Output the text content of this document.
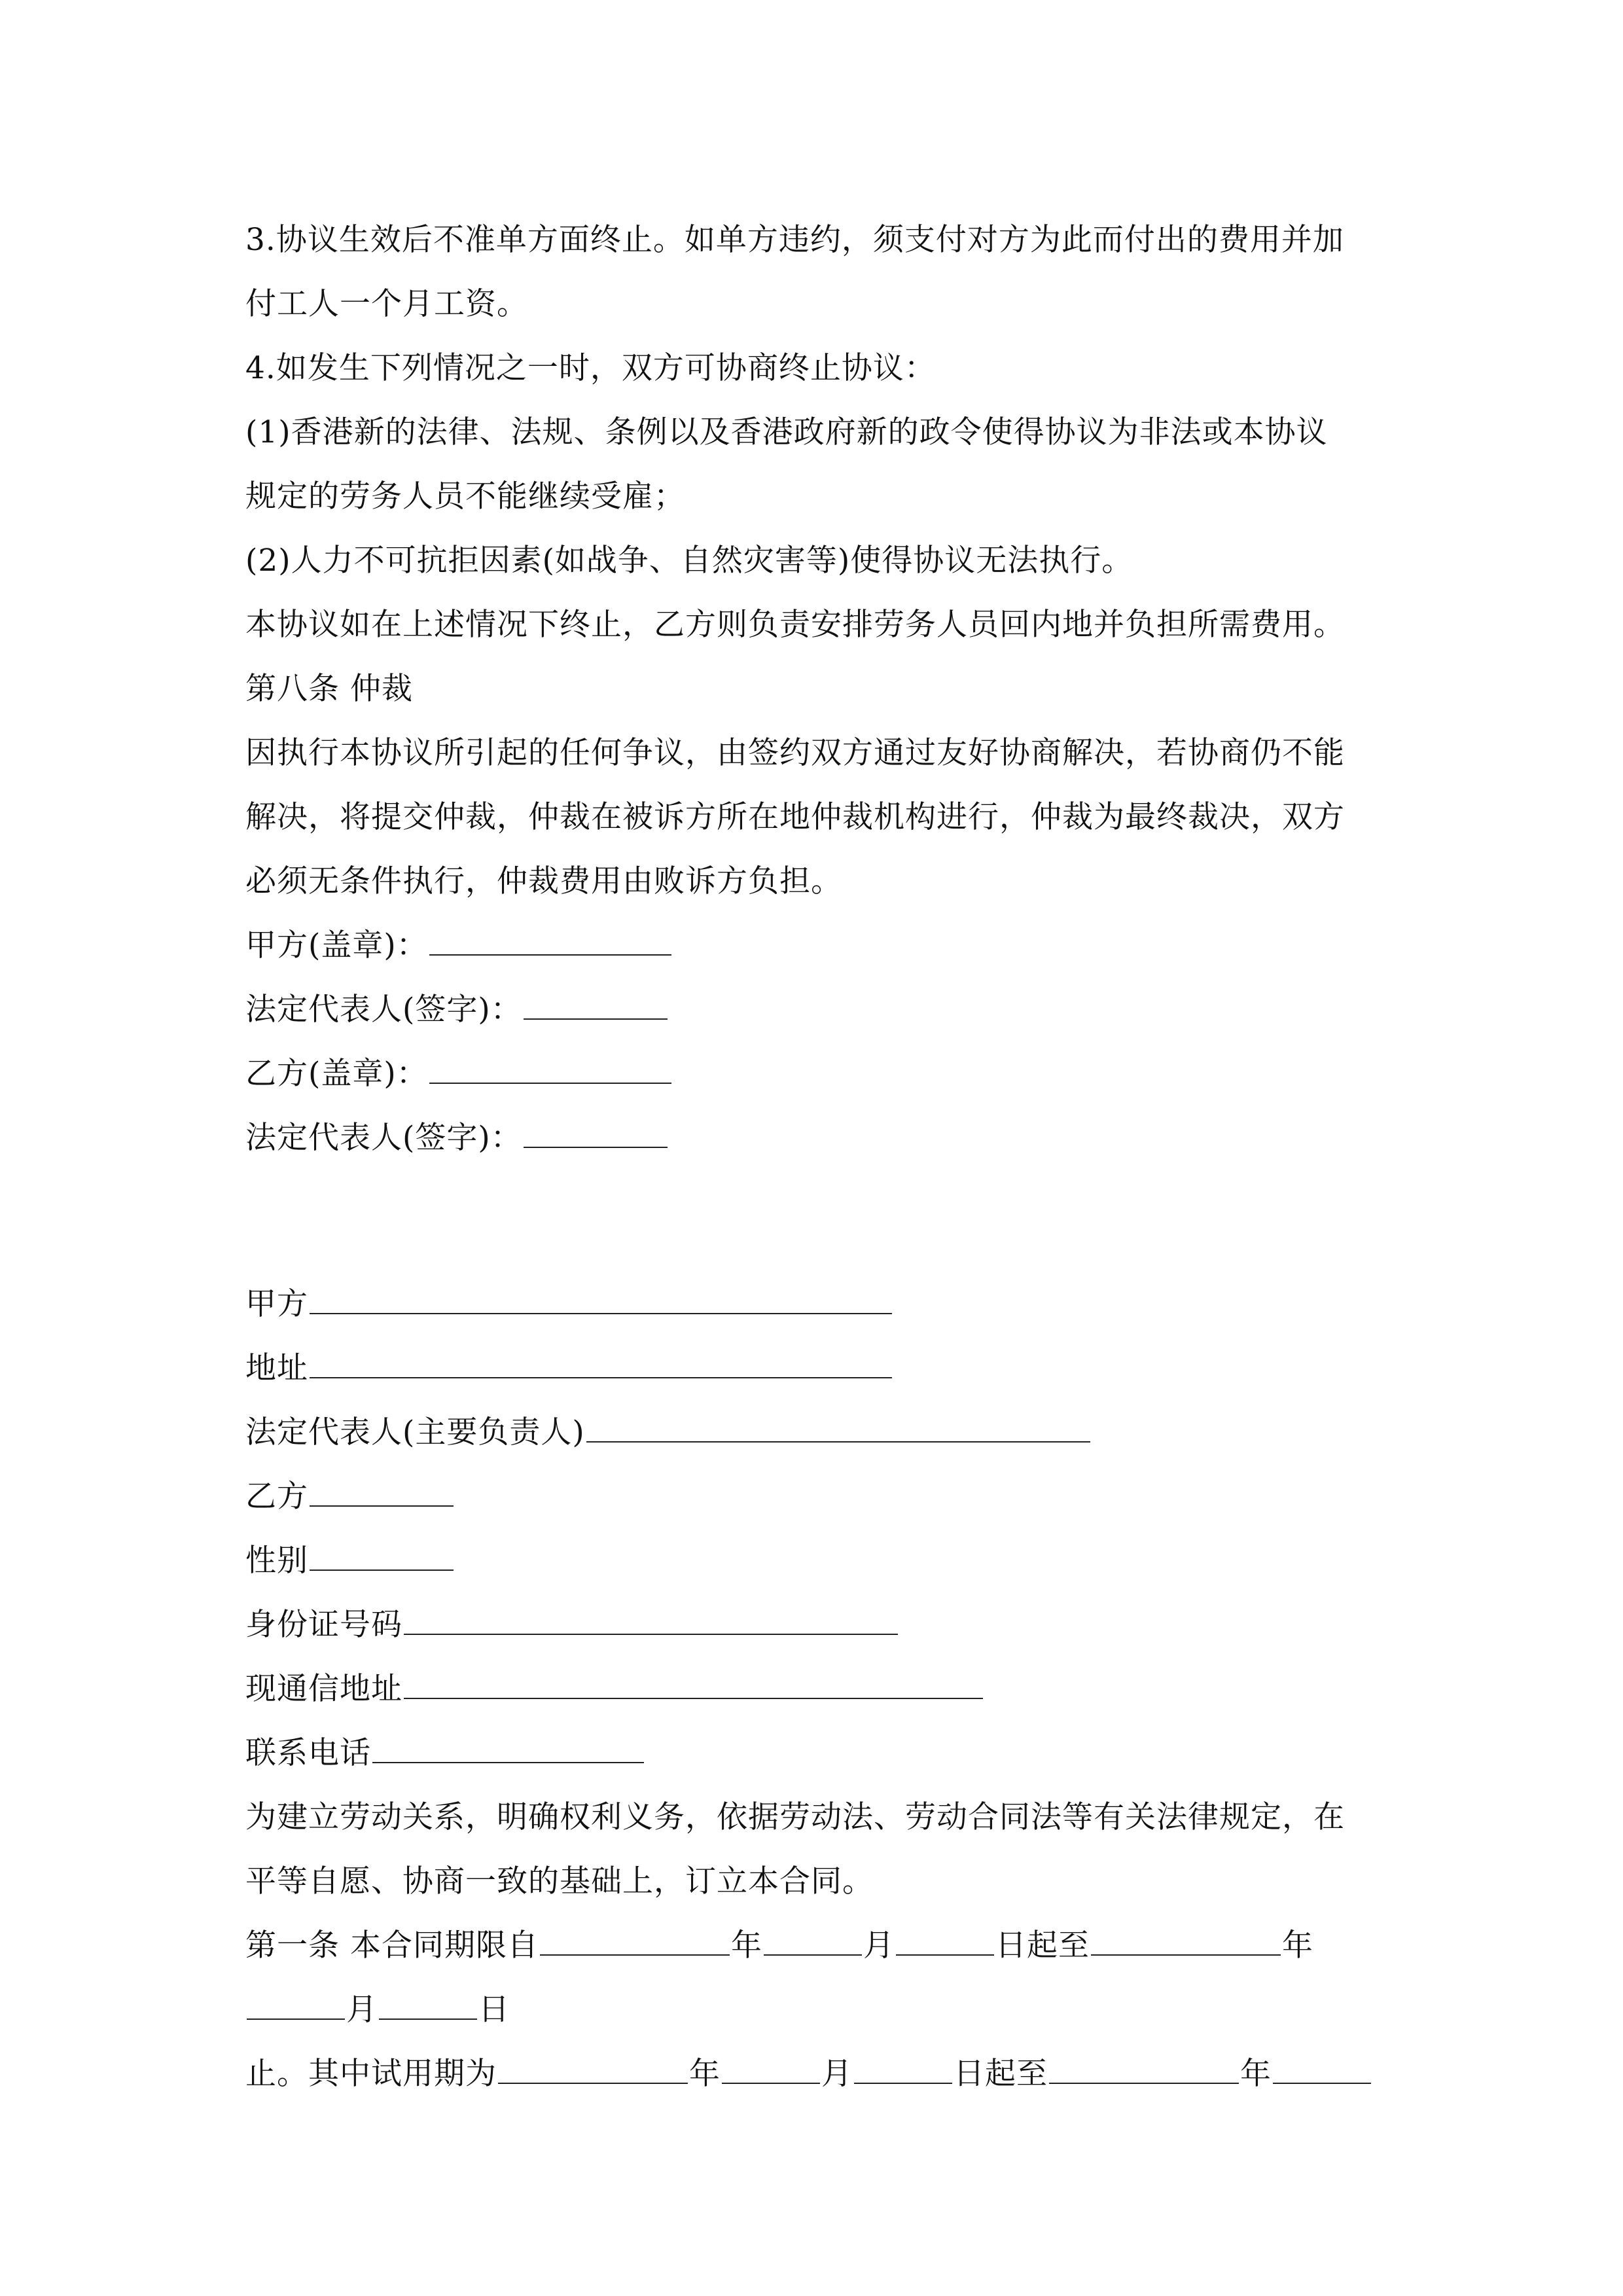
3.协议生效后不准单方面终止。如单方违约，须支付对方为此而付出的费用并加
付工人一个月工资。
4.如发生下列情况之一时，双方可协商终止协议：
(1)香港新的法律、法规、条例以及香港政府新的政令使得协议为非法或本协议
规定的劳务人员不能继续受雇；
(2)人力不可抗拒因素(如战争、自然灾害等)使得协议无法执行。
本协议如在上述情况下终止，乙方则负责安排劳务人员回内地并负担所需费用。
第八条 仲裁
因执行本协议所引起的任何争议，由签约双方通过友好协商解决，若协商仍不能
解决，将提交仲裁，仲裁在被诉方所在地仲裁机构进行，仲裁为最终裁决，双方
必须无条件执行，仲裁费用由败诉方负担。
甲方(盖章)：
法定代表人(签字)：
乙方(盖章)：
法定代表人(签字)：
甲方
地址
法定代表人(主要负责人)
乙方
性别
身份证号码
现通信地址
联系电话
为建立劳动关系，明确权利义务，依据劳动法、劳动合同法等有关法律规定，在
平等自愿、协商一致的基础上，订立本合同。
第一条 本合同期限自	年	月	日起至	年
月	日
止。其中试用期为	年	月	日起至	年
